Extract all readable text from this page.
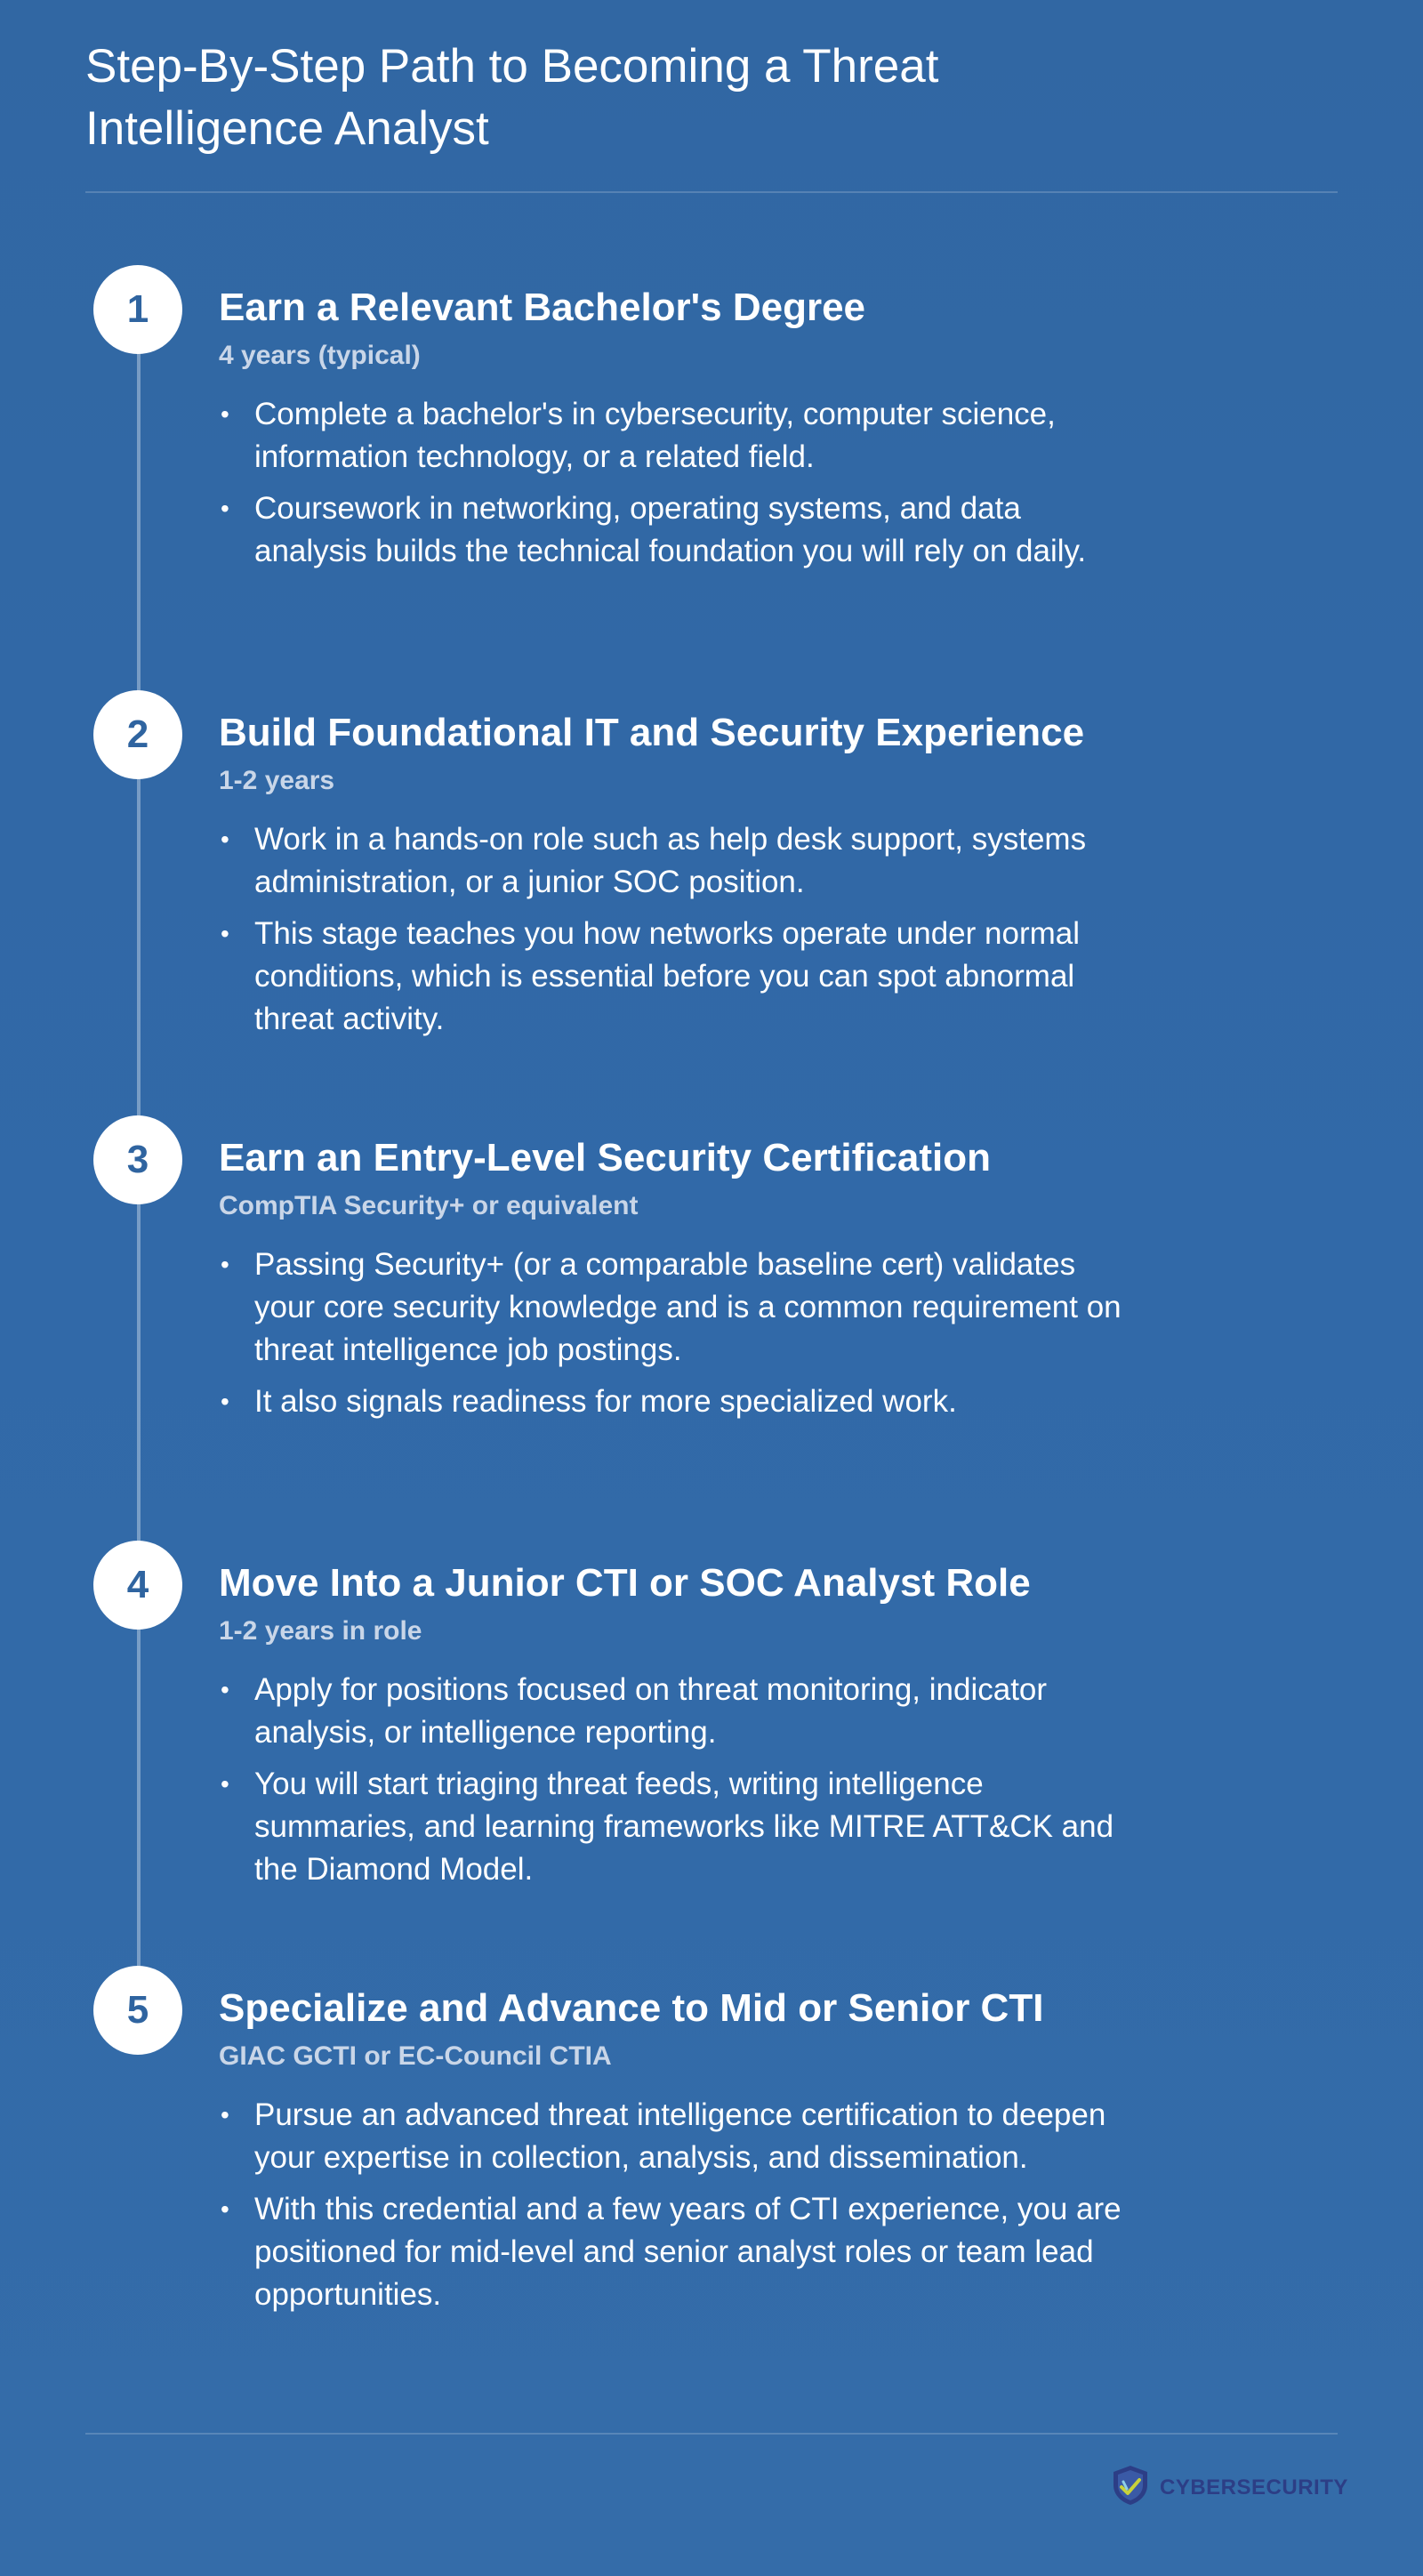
Step-By-Step Path to Becoming a Threat Intelligence Analyst
1	Earn a Relevant Bachelor's Degree

4 years (typical)

• Complete a bachelor's in cybersecurity, computer science, information technology, or a related field.
• Coursework in networking, operating systems, and data analysis builds the technical foundation you will rely on daily.
2	Build Foundational IT and Security Experience

1-2 years

• Work in a hands-on role such as help desk support, systems administration, or a junior SOC position.
• This stage teaches you how networks operate under normal conditions, which is essential before you can spot abnormal threat activity.
3	Earn an Entry-Level Security Certification

CompTIA Security+ or equivalent

• Passing Security+ (or a comparable baseline cert) validates your core security knowledge and is a common requirement on threat intelligence job postings.
• It also signals readiness for more specialized work.
4	Move Into a Junior CTI or SOC Analyst Role

1-2 years in role

• Apply for positions focused on threat monitoring, indicator analysis, or intelligence reporting.
• You will start triaging threat feeds, writing intelligence summaries, and learning frameworks like MITRE ATT&CK and the Diamond Model.
5	Specialize and Advance to Mid or Senior CTI

GIAC GCTI or EC-Council CTIA

• Pursue an advanced threat intelligence certification to deepen your expertise in collection, analysis, and dissemination.
• With this credential and a few years of CTI experience, you are positioned for mid-level and senior analyst roles or team lead opportunities.
CYBERSECURITY
